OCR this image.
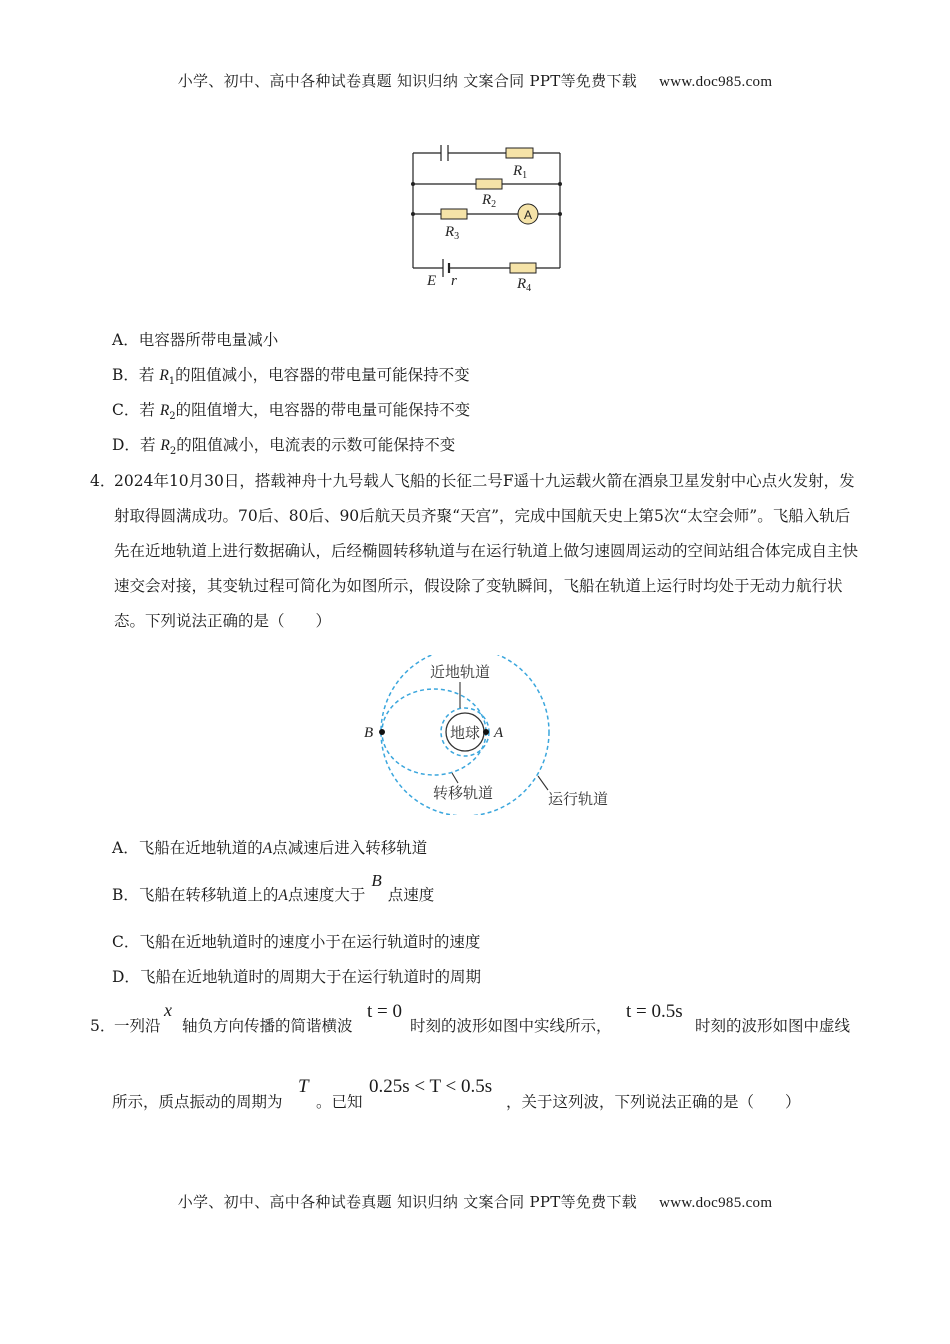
小学、初中、高中各种试卷真题 知识归纳 文案合同 PPT等免费下载 www.doc985.com
A
$R_1$
$R_2$
$R_3$
$R_4$
E r
A．电容器所带电量减小
B．若 $R_1$的阻值减小，电容器的带电量可能保持不变
C．若 $R_2$的阻值增大，电容器的带电量可能保持不变
D．若 $R_2$的阻值减小，电流表的示数可能保持不变
4．
2024年10月30日，搭载神舟十九号载人飞船的长征二号F遥十九运载火箭在酒泉卫星发射中心点火发射，发射取得圆满成功。70后、80后、90后航天员齐聚“天宫”，完成中国航天史上第5次“太空会师”。飞船入轨后先在近地轨道上进行数据确认，后经椭圆转移轨道与在运行轨道上做匀速圆周运动的空间站组合体完成自主快速交会对接，其变轨过程可简化为如图所示，假设除了变轨瞬间，飞船在轨道上运行时均处于无动力航行状态。下列说法正确的是（　　）
地球 A
B
近地轨道
转移轨道	运行轨道
A．飞船在近地轨道的A点减速后进入转移轨道
B．飞船在转移轨道上的A点速度大于B点速度
C．飞船在近地轨道时的速度小于在运行轨道时的速度
D．飞船在近地轨道时的周期大于在运行轨道时的周期
5．
一列沿
x
轴负方向传播的简谐横波
t = 0
时刻的波形如图中实线所示，
t = 0.5s
时刻的波形如图中虚线
所示，质点振动的周期为
T
。已知
0.25s < T < 0.5s
，关于这列波，下列说法正确的是（　　）
小学、初中、高中各种试卷真题 知识归纳 文案合同 PPT等免费下载 www.doc985.com
